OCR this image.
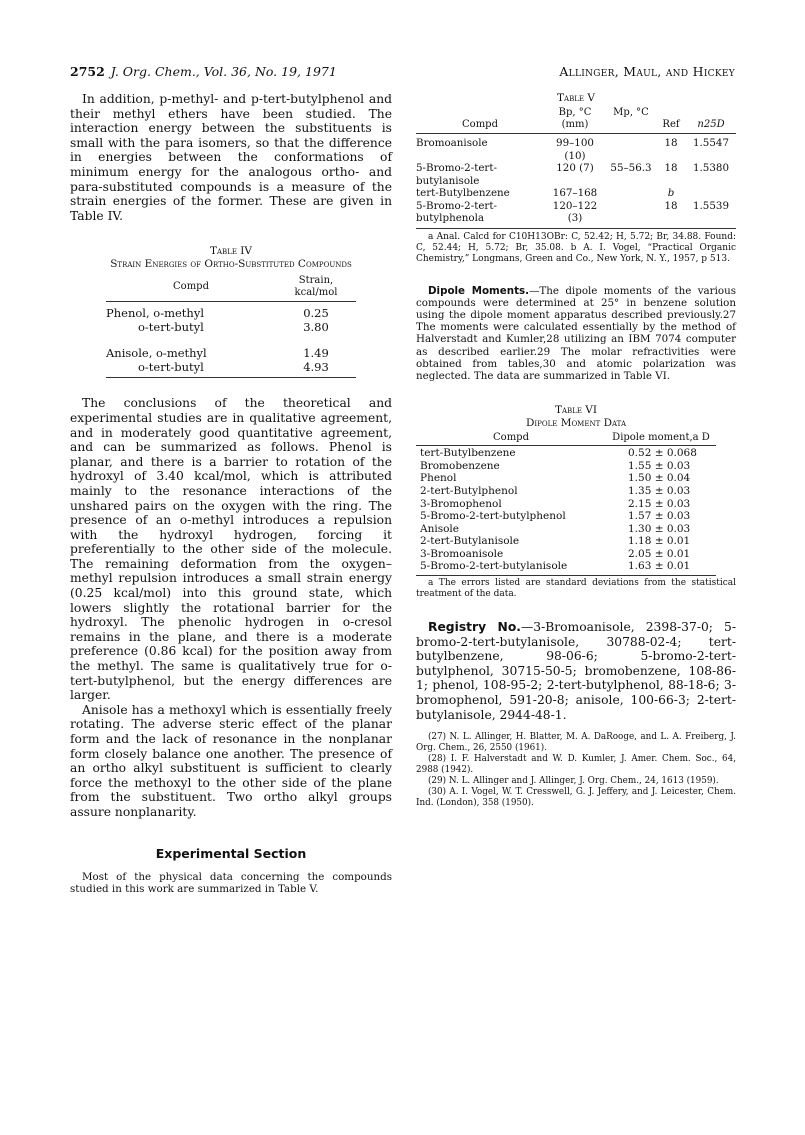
2752 J. Org. Chem., Vol. 36, No. 19, 1971	Allinger, Maul, and Hickey

In addition, p-methyl- and p-tert-butylphenol and their methyl ethers have been studied. The interaction energy between the substituents is small with the para isomers, so that the difference in energies between the conformations of minimum energy for the analogous ortho- and para-substituted compounds is a measure of the strain energies of the former. These are given in Table IV.

Table IV
Strain Energies of Ortho-Substituted Compounds
Compd	Strain, kcal/mol

Phenol, o-methyl	0.25
o-tert-butyl	3.80

Anisole, o-methyl	1.49
o-tert-butyl	4.93

The conclusions of the theoretical and experimental studies are in qualitative agreement, and in moderately good quantitative agreement, and can be summarized as follows. Phenol is planar, and there is a barrier to rotation of the hydroxyl of 3.40 kcal/mol, which is attributed mainly to the resonance interactions of the unshared pairs on the oxygen with the ring. The presence of an o-methyl introduces a repulsion with the hydroxyl hydrogen, forcing it preferentially to the other side of the molecule. The remaining deformation from the oxygen–methyl repulsion introduces a small strain energy (0.25 kcal/mol) into this ground state, which lowers slightly the rotational barrier for the hydroxyl. The phenolic hydrogen in o-cresol remains in the plane, and there is a moderate preference (0.86 kcal) for the position away from the methyl. The same is qualitatively true for o-tert-butylphenol, but the energy differences are larger.

Anisole has a methoxyl which is essentially freely rotating. The adverse steric effect of the planar form and the lack of resonance in the nonplanar form closely balance one another. The presence of an ortho alkyl substituent is sufficient to clearly force the methoxyl to the other side of the plane from the substituent. Two ortho alkyl groups assure nonplanarity.

Experimental Section

Most of the physical data concerning the compounds studied in this work are summarized in Table V.

Table V
Compd	Bp, °C (mm)	Mp, °C	Ref	n25D

Bromoanisole	99–100 (10)		18	1.5547
5-Bromo-2-tert-butylanisole	120 (7)	55–56.3	18	1.5380
tert-Butylbenzene	167–168		b	
5-Bromo-2-tert-butylphenola	120–122 (3)		18	1.5539

a Anal. Calcd for C10H13OBr: C, 52.42; H, 5.72; Br, 34.88. Found: C, 52.44; H, 5.72; Br, 35.08. b A. I. Vogel, “Practical Organic Chemistry,” Longmans, Green and Co., New York, N. Y., 1957, p 513.

Dipole Moments.—The dipole moments of the various compounds were determined at 25° in benzene solution using the dipole moment apparatus described previously.27 The moments were calculated essentially by the method of Halverstadt and Kumler,28 utilizing an IBM 7074 computer as described earlier.29 The molar refractivities were obtained from tables,30 and atomic polarization was neglected. The data are summarized in Table VI.

Table VI
Dipole Moment Data
Compd	Dipole moment,a D

tert-Butylbenzene	0.52 ± 0.068
Bromobenzene	1.55 ± 0.03
Phenol	1.50 ± 0.04
2-tert-Butylphenol	1.35 ± 0.03
3-Bromophenol	2.15 ± 0.03
5-Bromo-2-tert-butylphenol	1.57 ± 0.03
Anisole	1.30 ± 0.03
2-tert-Butylanisole	1.18 ± 0.01
3-Bromoanisole	2.05 ± 0.01
5-Bromo-2-tert-butylanisole	1.63 ± 0.01

a The errors listed are standard deviations from the statistical treatment of the data.

Registry No.—3-Bromoanisole, 2398-37-0; 5-bromo-2-tert-butylanisole, 30788-02-4; tert-butylbenzene, 98-06-6; 5-bromo-2-tert-butylphenol, 30715-50-5; bromobenzene, 108-86-1; phenol, 108-95-2; 2-tert-butylphenol, 88-18-6; 3-bromophenol, 591-20-8; anisole, 100-66-3; 2-tert-butylanisole, 2944-48-1.

(27) N. L. Allinger, H. Blatter, M. A. DaRooge, and L. A. Freiberg, J. Org. Chem., 26, 2550 (1961).

(28) I. F. Halverstadt and W. D. Kumler, J. Amer. Chem. Soc., 64, 2988 (1942).

(29) N. L. Allinger and J. Allinger, J. Org. Chem., 24, 1613 (1959).

(30) A. I. Vogel, W. T. Cresswell, G. J. Jeffery, and J. Leicester, Chem. Ind. (London), 358 (1950).
